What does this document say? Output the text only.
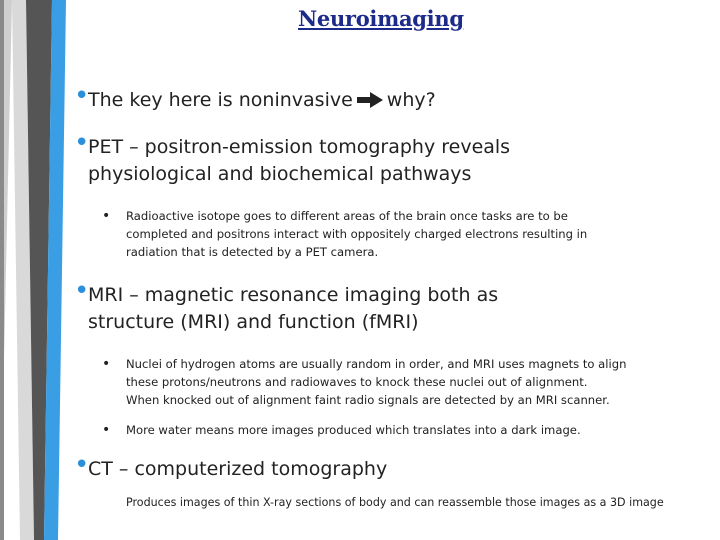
Neuroimaging
•
The key here is noninvasive why?
•
PET – positron-emission tomography reveals
physiological and biochemical pathways
• Radioactive isotope goes to different areas of the brain once tasks are to be
completed and positrons interact with oppositely charged electrons resulting in
radiation that is detected by a PET camera.
•
MRI – magnetic resonance imaging both as
structure (MRI) and function (fMRI)
• Nuclei of hydrogen atoms are usually random in order, and MRI uses magnets to align
these protons/neutrons and radiowaves to knock these nuclei out of alignment.
When knocked out of alignment faint radio signals are detected by an MRI scanner.
• More water means more images produced which translates into a dark image.
•
CT – computerized tomography
Produces images of thin X-ray sections of body and can reassemble those images as a 3D image
